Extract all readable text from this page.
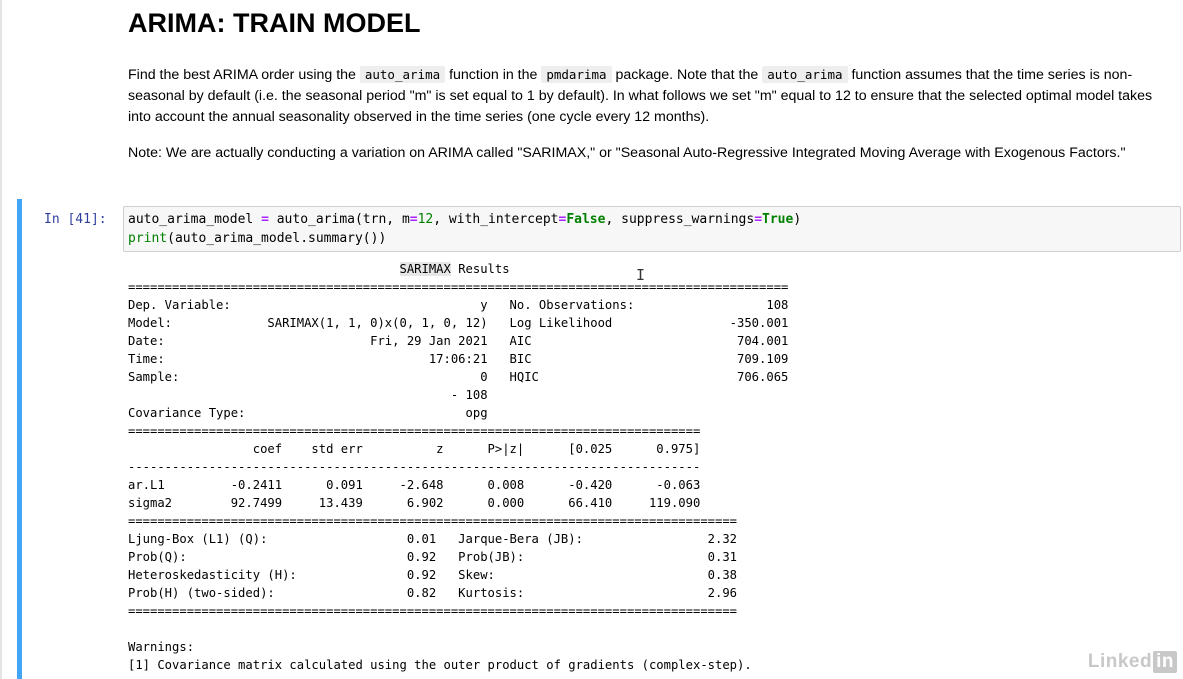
ARIMA: TRAIN MODEL

Find the best ARIMA order using the auto_arima function in the pmdarima package. Note that the auto_arima function assumes that the time series is non-seasonal by default (i.e. the seasonal period "m" is set equal to 1 by default). In what follows we set "m" equal to 12 to ensure that the selected optimal model takes into account the annual seasonality observed in the time series (one cycle every 12 months).

Note: We are actually conducting a variation on ARIMA called "SARIMAX," or "Seasonal Auto-Regressive Integrated Moving Average with Exogenous Factors."

In [41]: auto_arima_model = auto_arima(trn, m=12, with_intercept=False, suppress_warnings=True)
print(auto_arima_model.summary())
SARIMAX Results
==========================================================================================
Dep. Variable:                                  y   No. Observations:                  108
Model:             SARIMAX(1, 1, 0)x(0, 1, 0, 12)   Log Likelihood                -350.001
Date:                            Fri, 29 Jan 2021   AIC                            704.001
Time:                                    17:06:21   BIC                            709.109
Sample:                                         0   HQIC                           706.065
- 108
Covariance Type:                              opg
==============================================================================
coef    std err          z      P>|z|      [0.025      0.975]
------------------------------------------------------------------------------
ar.L1         -0.2411      0.091     -2.648      0.008      -0.420      -0.063
sigma2        92.7499     13.439      6.902      0.000      66.410     119.090
===================================================================================
Ljung-Box (L1) (Q):                   0.01   Jarque-Bera (JB):                 2.32
Prob(Q):                              0.92   Prob(JB):                         0.31
Heteroskedasticity (H):               0.92   Skew:                             0.38
Prob(H) (two-sided):                  0.82   Kurtosis:                         2.96
===================================================================================
Warnings:
[1] Covariance matrix calculated using the outer product of gradients (complex-step).
I
Linked in
